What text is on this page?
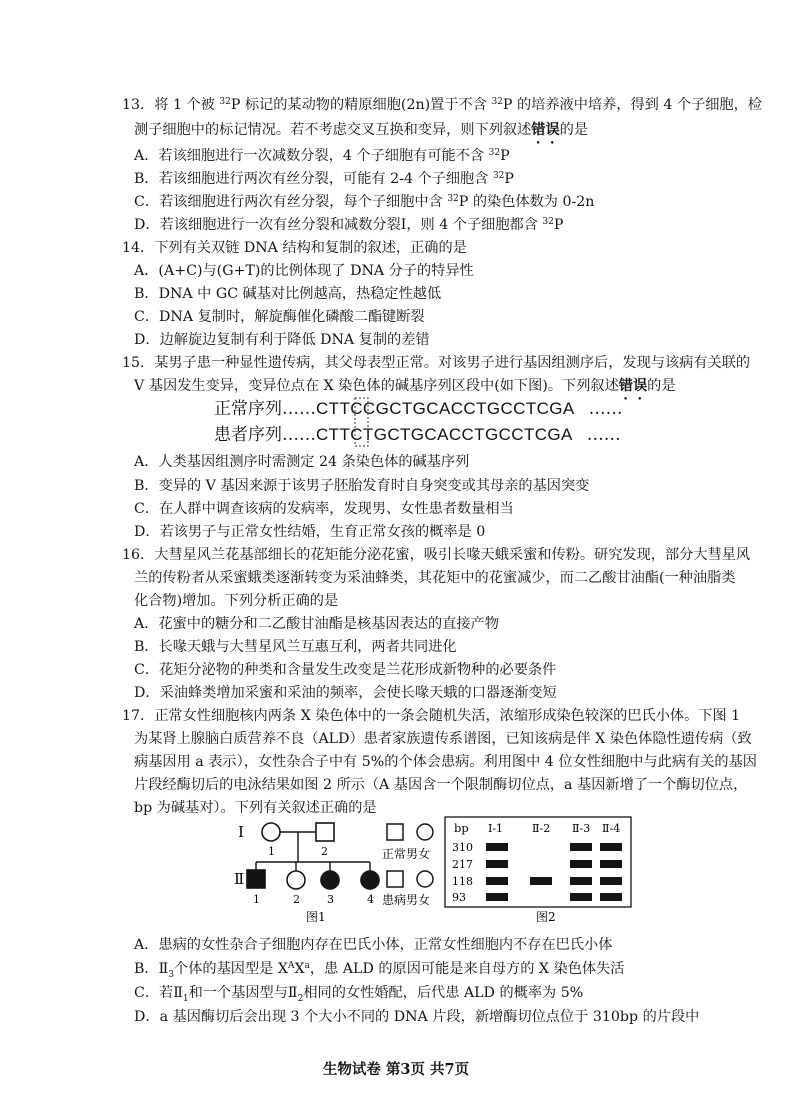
13．将 1 个被 $^{32}$P 标记的某动物的精原细胞(2n)置于不含 $^{32}$P 的培养液中培养，得到 4 个子细胞，检
测子细胞中的标记情况。若不考虑交叉互换和变异，则下列叙述错误的是
A．若该细胞进行一次减数分裂，4 个子细胞有可能不含 $^{32}$P
B．若该细胞进行两次有丝分裂，可能有 2-4 个子细胞含 $^{32}$P
C．若该细胞进行两次有丝分裂，每个子细胞中含 $^{32}$P 的染色体数为 0-2n
D．若该细胞进行一次有丝分裂和减数分裂Ⅰ，则 4 个子细胞都含 $^{32}$P
14．下列有关双链 DNA 结构和复制的叙述，正确的是
A．(A+C)与(G+T)的比例体现了 DNA 分子的特异性
B．DNA 中 GC 碱基对比例越高，热稳定性越低
C．DNA 复制时，解旋酶催化磷酸二酯键断裂
D．边解旋边复制有利于降低 DNA 复制的差错
15．某男子患一种显性遗传病，其父母表型正常。对该男子进行基因组测序后，发现与该病有关联的
V 基因发生变异，变异位点在 X 染色体的碱基序列区段中(如下图)。下列叙述错误的是
正常序列……CTTCCGCTGCACCTGCCTCGA ……
患者序列……CTTCTGCTGCACCTGCCTCGA ……
A．人类基因组测序时需测定 24 条染色体的碱基序列
B．变异的 V 基因来源于该男子胚胎发育时自身突变或其母亲的基因突变
C．在人群中调查该病的发病率，发现男、女性患者数量相当
D．若该男子与正常女性结婚，生育正常女孩的概率是 0
16．大彗星风兰花基部细长的花矩能分泌花蜜，吸引长喙天蛾采蜜和传粉。研究发现，部分大彗星风
兰的传粉者从采蜜蛾类逐渐转变为采油蜂类，其花矩中的花蜜减少，而二乙酸甘油酯(一种油脂类
化合物)增加。下列分析正确的是
A．花蜜中的糖分和二乙酸甘油酯是核基因表达的直接产物
B．长喙天蛾与大彗星风兰互惠互利，两者共同进化
C．花矩分泌物的种类和含量发生改变是兰花形成新物种的必要条件
D．采油蜂类增加采蜜和采油的频率，会使长喙天蛾的口器逐渐变短
17．正常女性细胞核内两条 X 染色体中的一条会随机失活，浓缩形成染色较深的巴氏小体。下图 1
为某肾上腺脑白质营养不良（ALD）患者家族遗传系谱图，已知该病是伴 X 染色体隐性遗传病（致
病基因用 a 表示），女性杂合子中有 5%的个体会患病。利用图中 4 位女性细胞中与此病有关的基因
片段经酶切后的电泳结果如图 2 所示（A 基因含一个限制酶切位点，a 基因新增了一个酶切位点，
bp 为碱基对）。下列有关叙述正确的是
Ⅰ
Ⅱ
1	2
1	2 3	4
图1
正常男女
患病男女
bp Ⅰ-1	Ⅱ-2 Ⅱ-3 Ⅱ-4
310
217
118
93
图2
A．患病的女性杂合子细胞内存在巴氏小体，正常女性细胞内不存在巴氏小体
B．$Ⅱ_3$个体的基因型是 $X^AX^a$，患 ALD 的原因可能是来自母方的 X 染色体失活
C．若$Ⅱ_1$和一个基因型与$Ⅱ_2$相同的女性婚配，后代患 ALD 的概率为 5%
D．a 基因酶切后会出现 3 个大小不同的 DNA 片段，新增酶切位点位于 310bp 的片段中
生物试卷 第3页 共7页
